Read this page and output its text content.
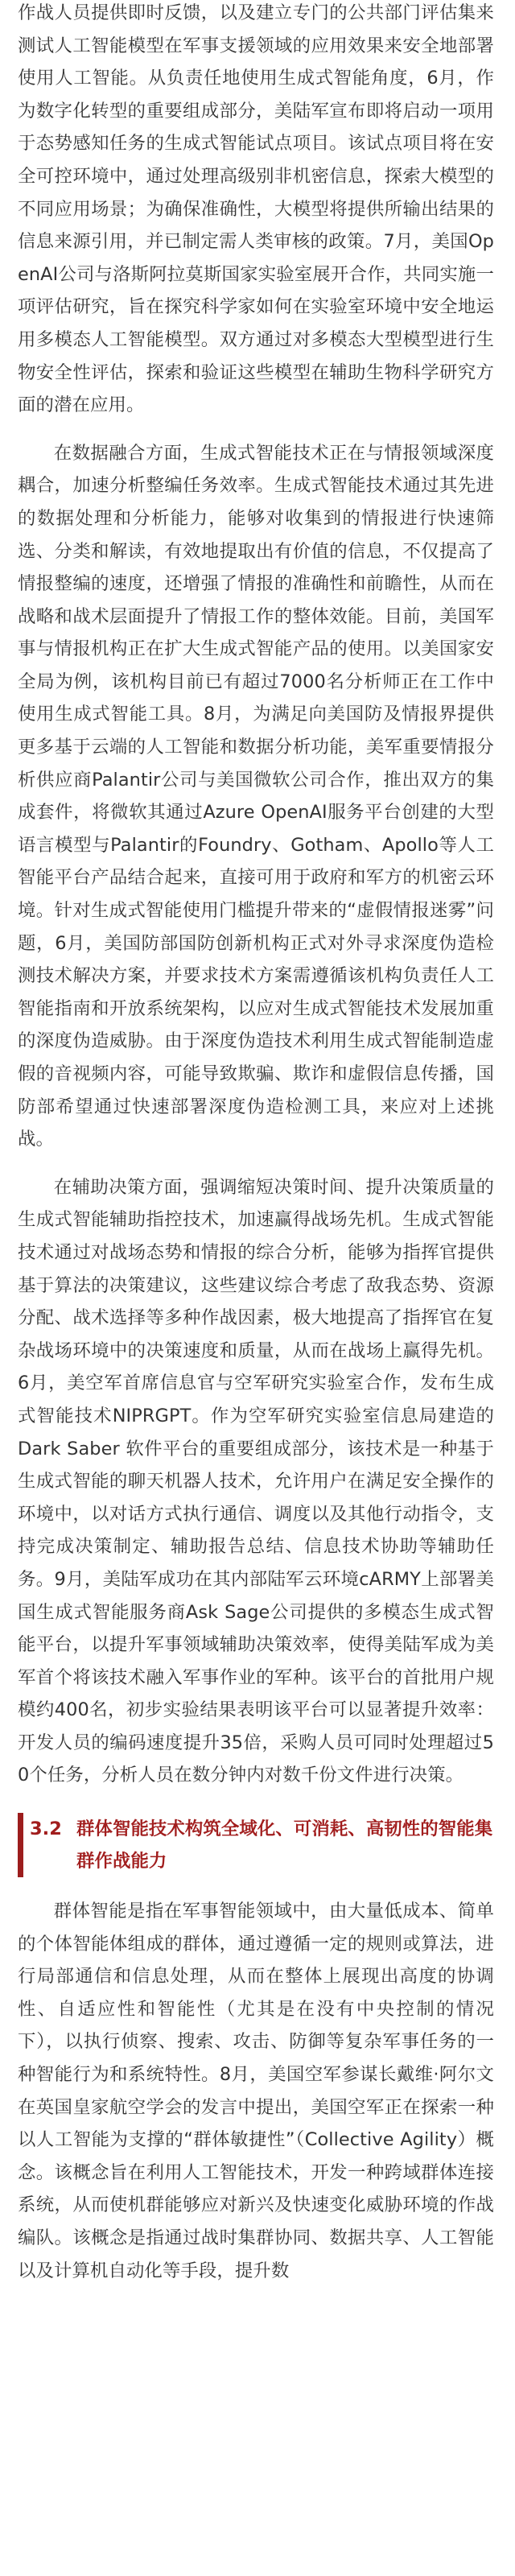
作战人员提供即时反馈，以及建立专门的公共部门评估集来测试人工智能模型在军事支援领域的应用效果来安全地部署使用人工智能。从负责任地使用生成式智能角度，6月，作为数字化转型的重要组成部分，美陆军宣布即将启动一项用于态势感知任务的生成式智能试点项目。该试点项目将在安全可控环境中，通过处理高级别非机密信息，探索大模型的不同应用场景；为确保准确性，大模型将提供所输出结果的信息来源引用，并已制定需人类审核的政策。7月，美国OpenAI公司与洛斯阿拉莫斯国家实验室展开合作，共同实施一项评估研究，旨在探究科学家如何在实验室环境中安全地运用多模态人工智能模型。双方通过对多模态大型模型进行生物安全性评估，探索和验证这些模型在辅助生物科学研究方面的潜在应用。

在数据融合方面，生成式智能技术正在与情报领域深度耦合，加速分析整编任务效率。生成式智能技术通过其先进的数据处理和分析能力，能够对收集到的情报进行快速筛选、分类和解读，有效地提取出有价值的信息，不仅提高了情报整编的速度，还增强了情报的准确性和前瞻性，从而在战略和战术层面提升了情报工作的整体效能。目前，美国军事与情报机构正在扩大生成式智能产品的使用。以美国家安全局为例，该机构目前已有超过7000名分析师正在工作中使用生成式智能工具。8月，为满足向美国防及情报界提供更多基于云端的人工智能和数据分析功能，美军重要情报分析供应商Palantir公司与美国微软公司合作，推出双方的集成套件，将微软其通过Azure OpenAI服务平台创建的大型语言模型与Palantir的Foundry、Gotham、Apollo等人工智能平台产品结合起来，直接可用于政府和军方的机密云环境。针对生成式智能使用门槛提升带来的“虚假情报迷雾”问题，6月，美国防部国防创新机构正式对外寻求深度伪造检测技术解决方案，并要求技术方案需遵循该机构负责任人工智能指南和开放系统架构，以应对生成式智能技术发展加重的深度伪造威胁。由于深度伪造技术利用生成式智能制造虚假的音视频内容，可能导致欺骗、欺诈和虚假信息传播，国防部希望通过快速部署深度伪造检测工具，来应对上述挑战。

在辅助决策方面，强调缩短决策时间、提升决策质量的生成式智能辅助指控技术，加速赢得战场先机。生成式智能技术通过对战场态势和情报的综合分析，能够为指挥官提供基于算法的决策建议，这些建议综合考虑了敌我态势、资源分配、战术选择等多种作战因素，极大地提高了指挥官在复杂战场环境中的决策速度和质量，从而在战场上赢得先机。6月，美空军首席信息官与空军研究实验室合作，发布生成式智能技术NIPRGPT。作为空军研究实验室信息局建造的 Dark Saber 软件平台的重要组成部分，该技术是一种基于生成式智能的聊天机器人技术，允许用户在满足安全操作的环境中，以对话方式执行通信、调度以及其他行动指令，支持完成决策制定、辅助报告总结、信息技术协助等辅助任务。9月，美陆军成功在其内部陆军云环境cARMY上部署美国生成式智能服务商Ask Sage公司提供的多模态生成式智能平台，以提升军事领域辅助决策效率，使得美陆军成为美军首个将该技术融入军事作业的军种。该平台的首批用户规模约400名，初步实验结果表明该平台可以显著提升效率：开发人员的编码速度提升35倍，采购人员可同时处理超过50个任务，分析人员在数分钟内对数千份文件进行决策。

3.2 群体智能技术构筑全域化、可消耗、高韧性的智能集群作战能力

群体智能是指在军事智能领域中，由大量低成本、简单的个体智能体组成的群体，通过遵循一定的规则或算法，进行局部通信和信息处理，从而在整体上展现出高度的协调性、自适应性和智能性（尤其是在没有中央控制的情况下），以执行侦察、搜索、攻击、防御等复杂军事任务的一种智能行为和系统特性。8月，美国空军参谋长戴维·阿尔文在英国皇家航空学会的发言中提出，美国空军正在探索一种以人工智能为支撑的“群体敏捷性”（Collective Agility）概念。该概念旨在利用人工智能技术，开发一种跨域群体连接系统，从而使机群能够应对新兴及快速变化威胁环境的作战编队。该概念是指通过战时集群协同、数据共享、人工智能以及计算机自动化等手段，提升数
